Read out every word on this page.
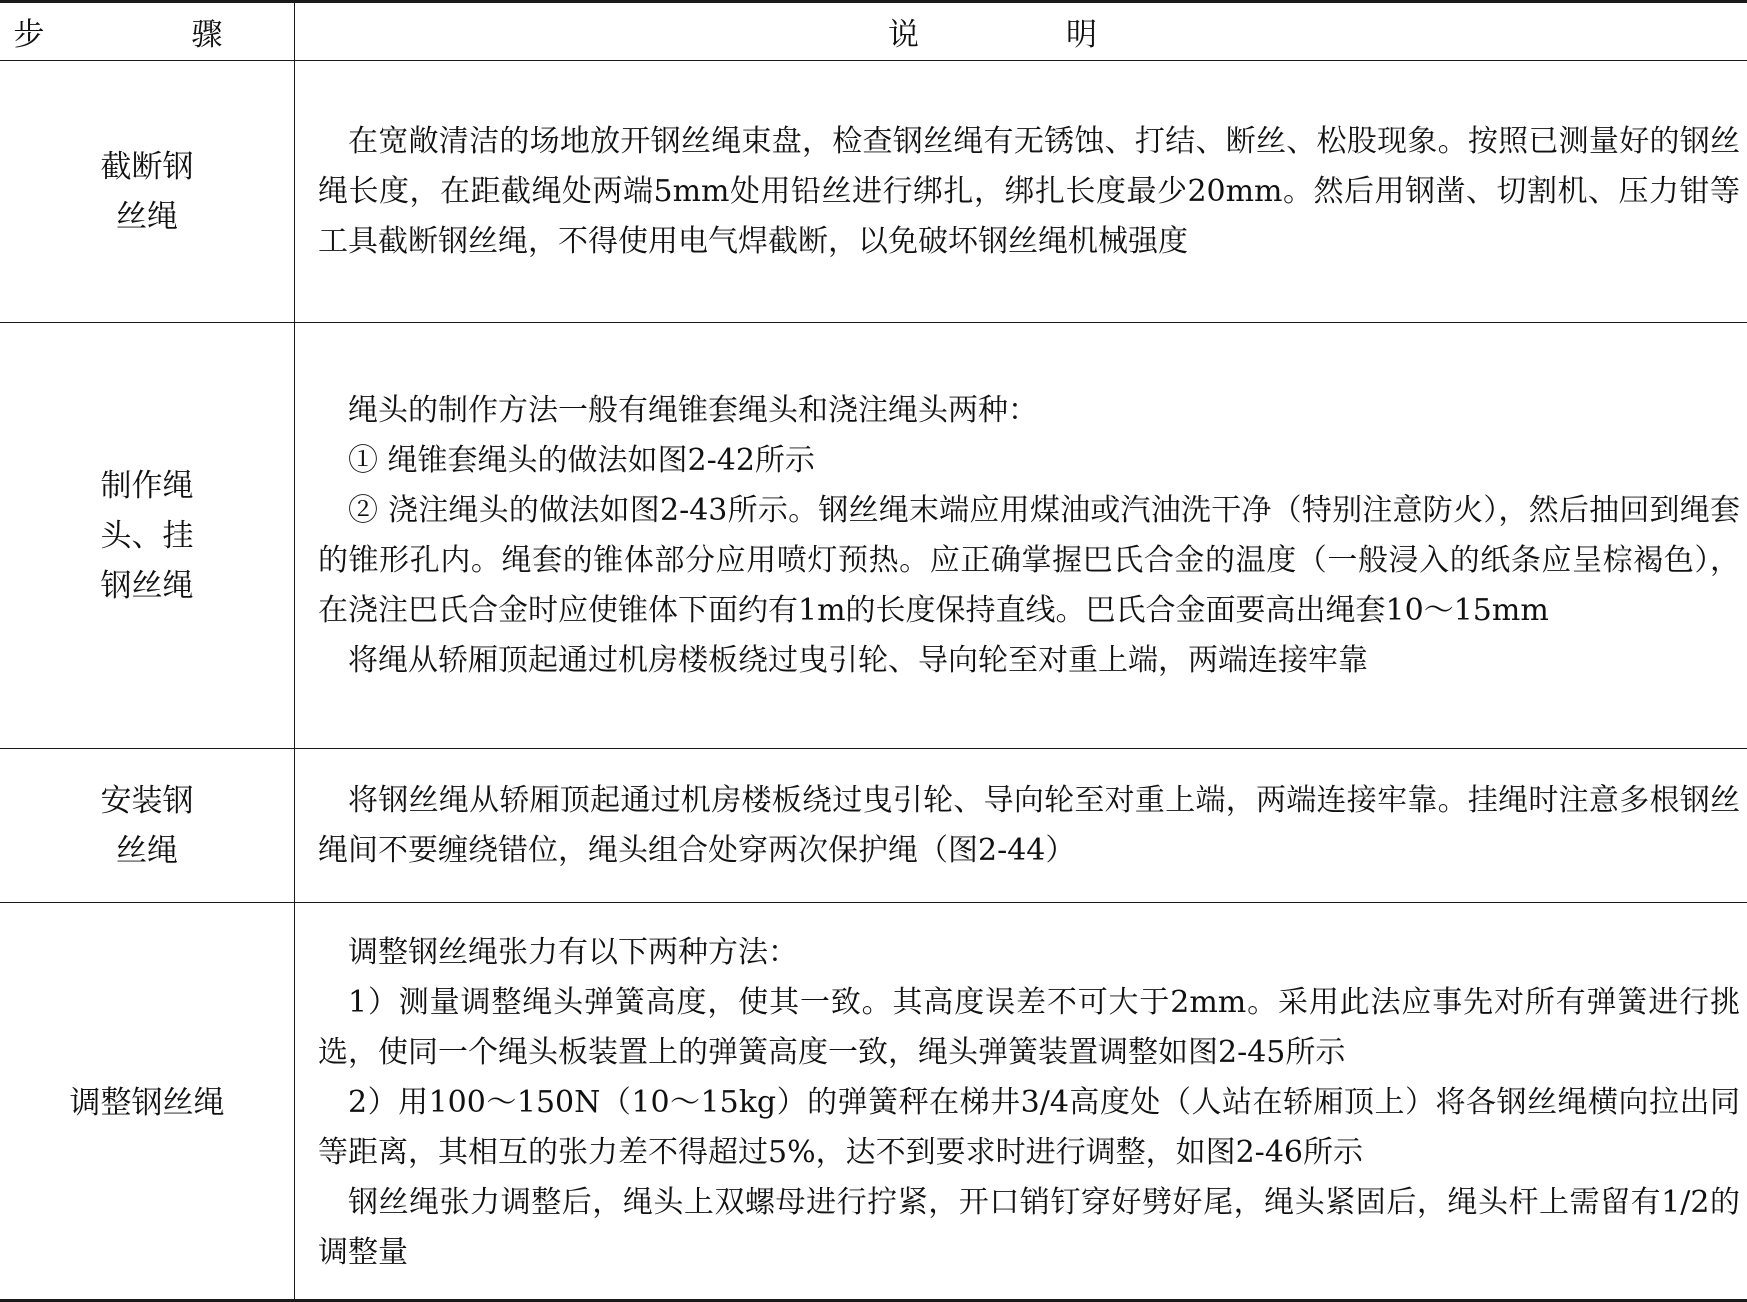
步　骤	说　明
截断钢丝绳

在宽敞清洁的场地放开钢丝绳束盘，检查钢丝绳有无锈蚀、打结、断丝、松股现象。按照已测量好的钢丝绳长度，在距截绳处两端5mm处用铅丝进行绑扎，绑扎长度最少20mm。然后用钢凿、切割机、压力钳等工具截断钢丝绳，不得使用电气焊截断，以免破坏钢丝绳机械强度

制作绳头、挂钢丝绳

绳头的制作方法一般有绳锥套绳头和浇注绳头两种：

① 绳锥套绳头的做法如图2-42所示

② 浇注绳头的做法如图2-43所示。钢丝绳末端应用煤油或汽油洗干净（特别注意防火），然后抽回到绳套的锥形孔内。绳套的锥体部分应用喷灯预热。应正确掌握巴氏合金的温度（一般浸入的纸条应呈棕褐色），在浇注巴氏合金时应使锥体下面约有1m的长度保持直线。巴氏合金面要高出绳套10～15mm

将绳从轿厢顶起通过机房楼板绕过曳引轮、导向轮至对重上端，两端连接牢靠

安装钢丝绳

将钢丝绳从轿厢顶起通过机房楼板绕过曳引轮、导向轮至对重上端，两端连接牢靠。挂绳时注意多根钢丝绳间不要缠绕错位，绳头组合处穿两次保护绳（图2-44）

调整钢丝绳

调整钢丝绳张力有以下两种方法：

1）测量调整绳头弹簧高度，使其一致。其高度误差不可大于2mm。采用此法应事先对所有弹簧进行挑选，使同一个绳头板装置上的弹簧高度一致，绳头弹簧装置调整如图2-45所示

2）用100～150N（10～15kg）的弹簧秤在梯井3/4高度处（人站在轿厢顶上）将各钢丝绳横向拉出同等距离，其相互的张力差不得超过5%，达不到要求时进行调整，如图2-46所示

钢丝绳张力调整后，绳头上双螺母进行拧紧，开口销钉穿好劈好尾，绳头紧固后，绳头杆上需留有1/2的调整量
